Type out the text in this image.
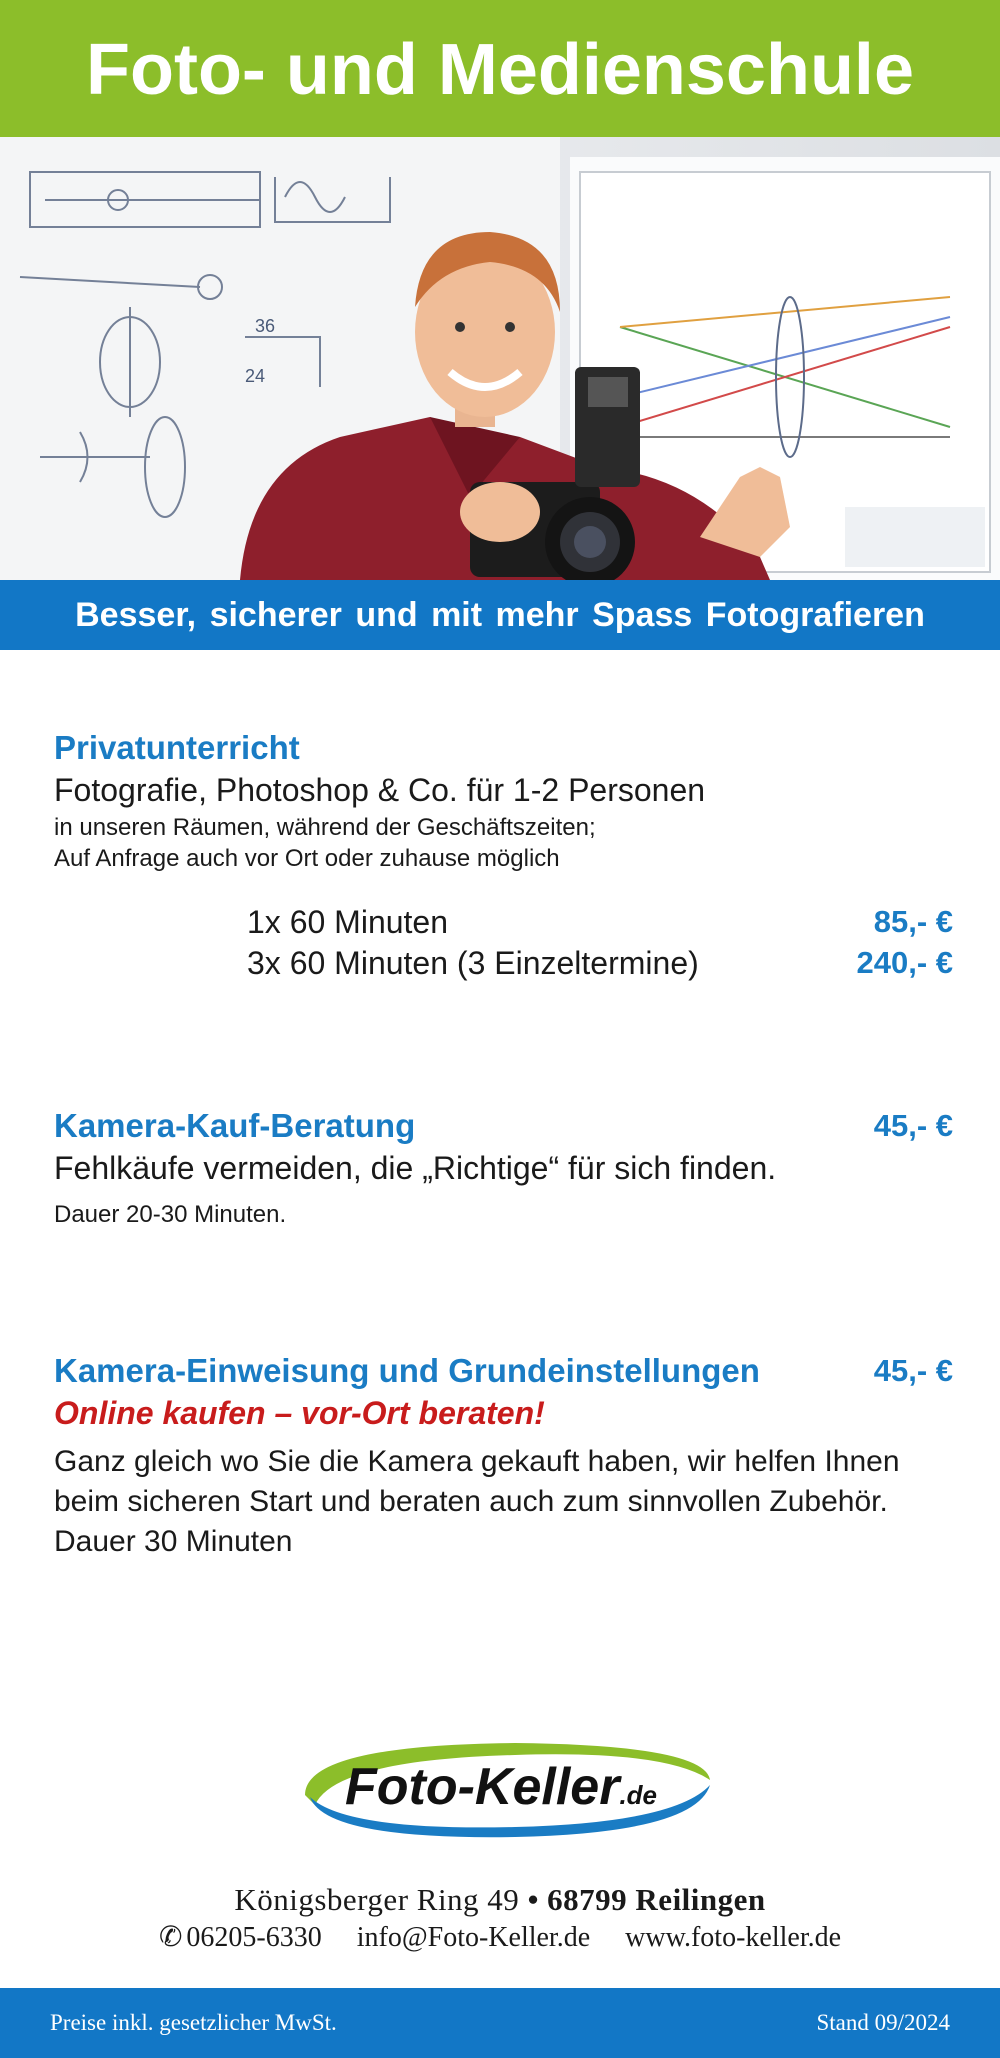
Foto- und Medienschule
36
24

Besser, sicherer und mit mehr Spass Fotografieren

Privatunterricht
Fotografie, Photoshop & Co. für 1-2 Personen
in unseren Räumen, während der Geschäftszeiten;
Auf Anfrage auch vor Ort oder zuhause möglich
1x 60 Minuten	85,- €
3x 60 Minuten (3 Einzeltermine)	240,- €
Kamera-Kauf-Beratung	45,- €
Fehlkäufe vermeiden, die „Richtige“ für sich finden.
Dauer 20-30 Minuten.
Kamera-Einweisung und Grundeinstellungen	45,- €
Online kaufen – vor-Ort beraten!
Ganz gleich wo Sie die Kamera gekauft haben, wir helfen Ihnen
beim sicheren Start und beraten auch zum sinnvollen Zubehör.
Dauer 30 Minuten
Foto-Keller.de
Königsberger Ring 49 • 68799 Reilingen
✆ 06205-6330 info@Foto-Keller.de www.foto-keller.de
Preise inkl. gesetzlicher MwSt.	Stand 09/2024
